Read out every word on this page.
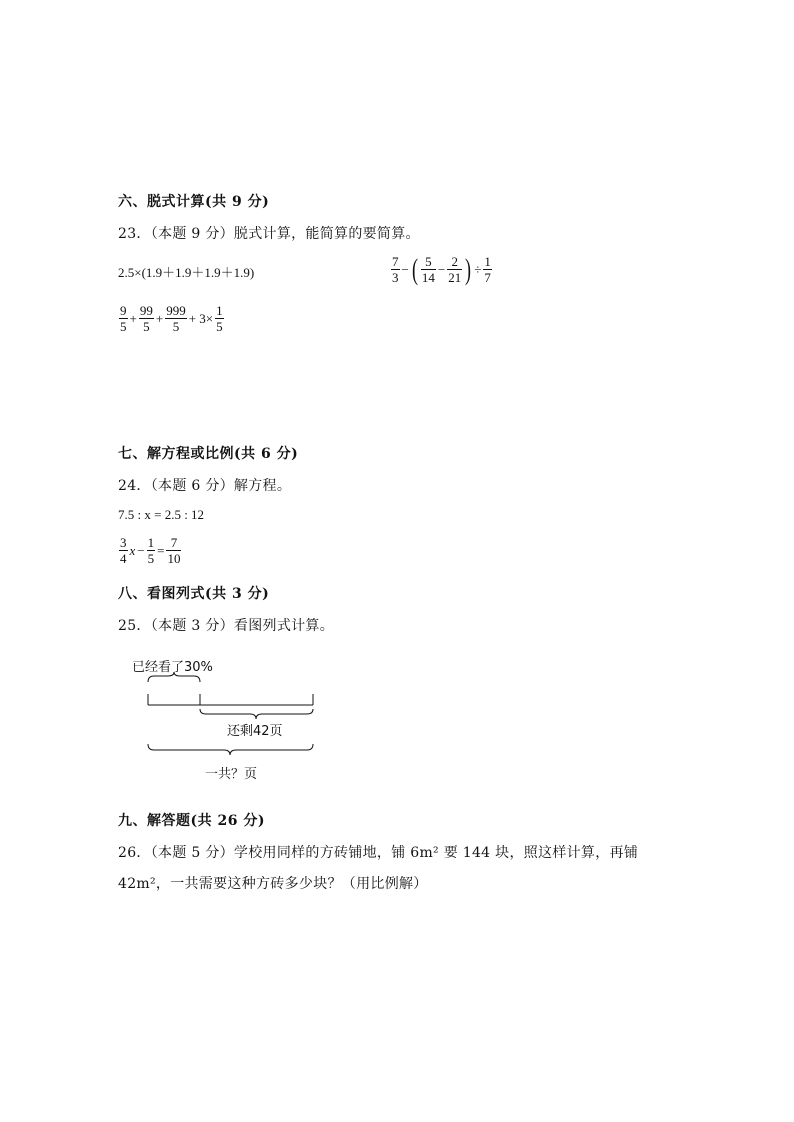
六、脱式计算(共 9 分)
23．（本题 9 分）脱式计算，能简算的要简算。
2.5×(1.9＋1.9＋1.9＋1.9)	$\frac{7}{3}$ − ( $\frac{5}{14} - \frac{2}{21}$ ) ÷ $\frac{1}{7}$
$\frac{9}{5} + \frac{99}{5} + \frac{999}{5} + 3\times \frac{1}{5}$
七、解方程或比例(共 6 分)
24．（本题 6 分）解方程。
7.5 : x = 2.5 : 12
$\frac{3}{4}$ $x - \frac{1}{5} = \frac{7}{10}$
八、看图列式(共 3 分)
25．（本题 3 分）看图列式计算。
已经看了30%
还剩42页
一共？页
九、解答题(共 26 分)
26．（本题 5 分）学校用同样的方砖铺地，铺 6m² 要 144 块，照这样计算，再铺
42m²，一共需要这种方砖多少块？（用比例解）
